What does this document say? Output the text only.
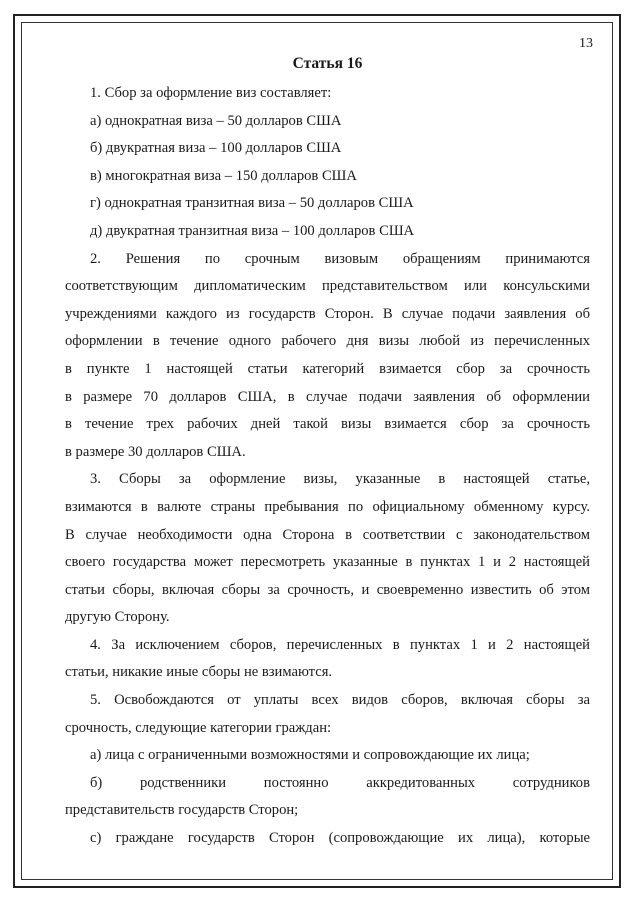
13

Статья 16

1. Сбор за оформление виз составляет:

а) однократная виза – 50 долларов США

б) двукратная виза – 100 долларов США

в) многократная виза – 150 долларов США

г) однократная транзитная виза – 50 долларов США

д) двукратная транзитная виза – 100 долларов США

2. Решения по срочным визовым обращениям принимаются

соответствующим дипломатическим представительством или консульскими

учреждениями каждого из государств Сторон. В случае подачи заявления об

оформлении в течение одного рабочего дня визы любой из перечисленных

в пункте 1 настоящей статьи категорий взимается сбор за срочность

в размере 70 долларов США, в случае подачи заявления об оформлении

в течение трех рабочих дней такой визы взимается сбор за срочность

в размере 30 долларов США.

3. Сборы за оформление визы, указанные в настоящей статье,

взимаются в валюте страны пребывания по официальному обменному курсу.

В случае необходимости одна Сторона в соответствии с законодательством

своего государства может пересмотреть указанные в пунктах 1 и 2 настоящей

статьи сборы, включая сборы за срочность, и своевременно известить об этом

другую Сторону.

4. За исключением сборов, перечисленных в пунктах 1 и 2 настоящей

статьи, никакие иные сборы не взимаются.

5. Освобождаются от уплаты всех видов сборов, включая сборы за

срочность, следующие категории граждан:

а) лица с ограниченными возможностями и сопровождающие их лица;

б) родственники постоянно аккредитованных сотрудников

представительств государств Сторон;

с) граждане государств Сторон (сопровождающие их лица), которые
